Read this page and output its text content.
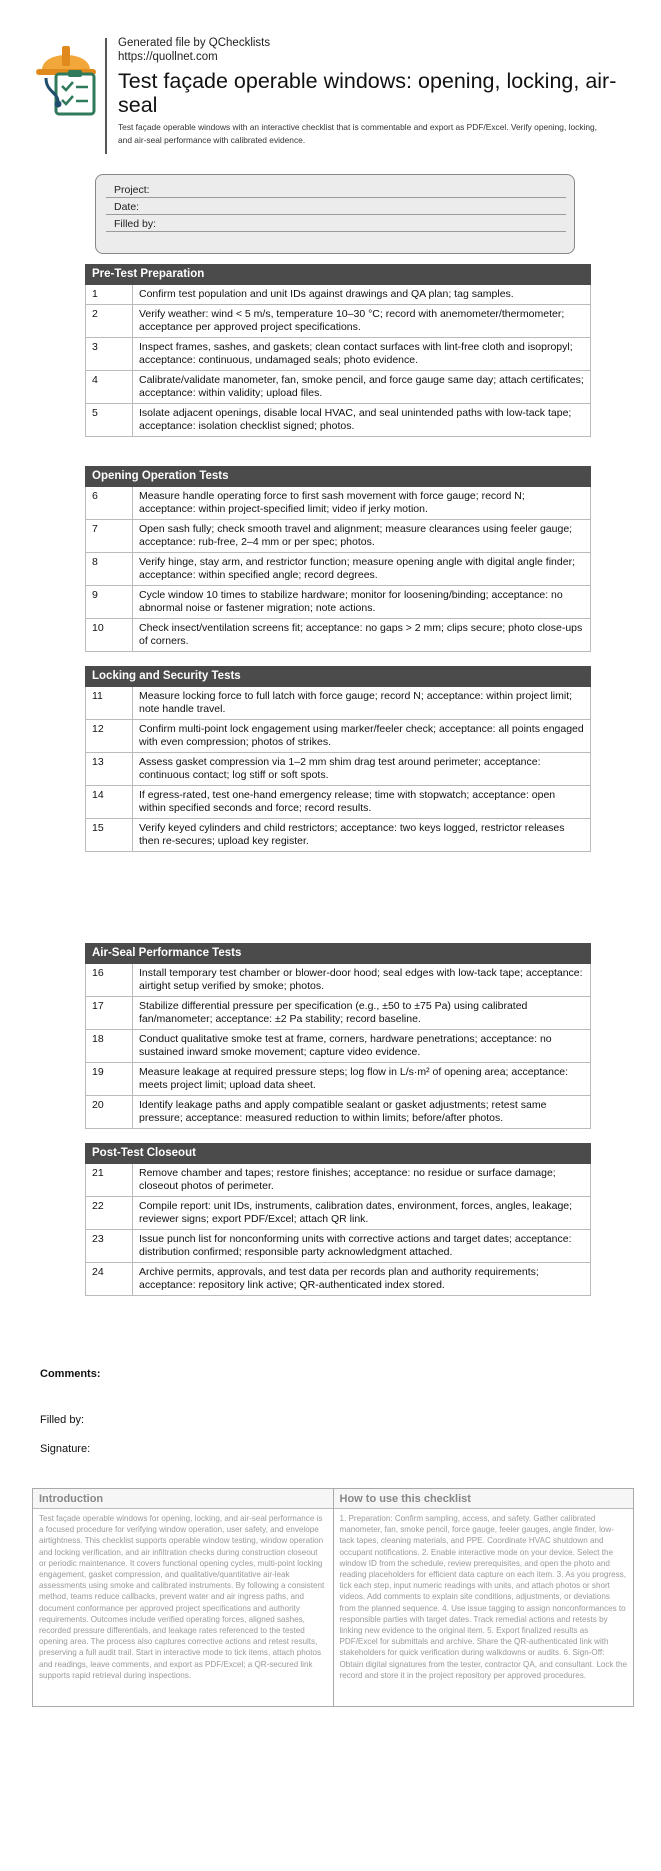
Generated file by QChecklists
https://quollnet.com
Test façade operable windows: opening, locking, air-seal
Test façade operable windows with an interactive checklist that is commentable and export as PDF/Excel. Verify opening, locking, and air-seal performance with calibrated evidence.
Project:
Date:
Filled by:
Pre-Test Preparation
1	Confirm test population and unit IDs against drawings and QA plan; tag samples.
2	Verify weather: wind < 5 m/s, temperature 10–30 °C; record with anemometer/thermometer; acceptance per approved project specifications.
3	Inspect frames, sashes, and gaskets; clean contact surfaces with lint-free cloth and isopropyl; acceptance: continuous, undamaged seals; photo evidence.
4	Calibrate/validate manometer, fan, smoke pencil, and force gauge same day; attach certificates; acceptance: within validity; upload files.
5	Isolate adjacent openings, disable local HVAC, and seal unintended paths with low-tack tape; acceptance: isolation checklist signed; photos.
Opening Operation Tests
6	Measure handle operating force to first sash movement with force gauge; record N; acceptance: within project-specified limit; video if jerky motion.
7	Open sash fully; check smooth travel and alignment; measure clearances using feeler gauge; acceptance: rub-free, 2–4 mm or per spec; photos.
8	Verify hinge, stay arm, and restrictor function; measure opening angle with digital angle finder; acceptance: within specified angle; record degrees.
9	Cycle window 10 times to stabilize hardware; monitor for loosening/binding; acceptance: no abnormal noise or fastener migration; note actions.
10	Check insect/ventilation screens fit; acceptance: no gaps > 2 mm; clips secure; photo close-ups of corners.
Locking and Security Tests
11	Measure locking force to full latch with force gauge; record N; acceptance: within project limit; note handle travel.
12	Confirm multi-point lock engagement using marker/feeler check; acceptance: all points engaged with even compression; photos of strikes.
13	Assess gasket compression via 1–2 mm shim drag test around perimeter; acceptance: continuous contact; log stiff or soft spots.
14	If egress-rated, test one-hand emergency release; time with stopwatch; acceptance: open within specified seconds and force; record results.
15	Verify keyed cylinders and child restrictors; acceptance: two keys logged, restrictor releases then re-secures; upload key register.
Air-Seal Performance Tests
16	Install temporary test chamber or blower-door hood; seal edges with low-tack tape; acceptance: airtight setup verified by smoke; photos.
17	Stabilize differential pressure per specification (e.g., ±50 to ±75 Pa) using calibrated fan/manometer; acceptance: ±2 Pa stability; record baseline.
18	Conduct qualitative smoke test at frame, corners, hardware penetrations; acceptance: no sustained inward smoke movement; capture video evidence.
19	Measure leakage at required pressure steps; log flow in L/s·m² of opening area; acceptance: meets project limit; upload data sheet.
20	Identify leakage paths and apply compatible sealant or gasket adjustments; retest same pressure; acceptance: measured reduction to within limits; before/after photos.
Post-Test Closeout
21	Remove chamber and tapes; restore finishes; acceptance: no residue or surface damage; closeout photos of perimeter.
22	Compile report: unit IDs, instruments, calibration dates, environment, forces, angles, leakage; reviewer signs; export PDF/Excel; attach QR link.
23	Issue punch list for nonconforming units with corrective actions and target dates; acceptance: distribution confirmed; responsible party acknowledgment attached.
24	Archive permits, approvals, and test data per records plan and authority requirements; acceptance: repository link active; QR-authenticated index stored.
Comments:
Filled by:
Signature:
Introduction
Test façade operable windows for opening, locking, and air-seal performance is a focused procedure for verifying window operation, user safety, and envelope airtightness. This checklist supports operable window testing, window operation and locking verification, and air infiltration checks during construction closeout or periodic maintenance. It covers functional opening cycles, multi-point locking engagement, gasket compression, and qualitative/quantitative air-leak assessments using smoke and calibrated instruments. By following a consistent method, teams reduce callbacks, prevent water and air ingress paths, and document conformance per approved project specifications and authority requirements. Outcomes include verified operating forces, aligned sashes, recorded pressure differentials, and leakage rates referenced to the tested opening area. The process also captures corrective actions and retest results, preserving a full audit trail. Start in interactive mode to tick items, attach photos and readings, leave comments, and export as PDF/Excel; a QR-secured link supports rapid retrieval during inspections.
How to use this checklist
1. Preparation: Confirm sampling, access, and safety. Gather calibrated manometer, fan, smoke pencil, force gauge, feeler gauges, angle finder, low-tack tapes, cleaning materials, and PPE. Coordinate HVAC shutdown and occupant notifications. 2. Enable interactive mode on your device. Select the window ID from the schedule, review prerequisites, and open the photo and reading placeholders for efficient data capture on each item. 3. As you progress, tick each step, input numeric readings with units, and attach photos or short videos. Add comments to explain site conditions, adjustments, or deviations from the planned sequence. 4. Use issue tagging to assign nonconformances to responsible parties with target dates. Track remedial actions and retests by linking new evidence to the original item. 5. Export finalized results as PDF/Excel for submittals and archive. Share the QR-authenticated link with stakeholders for quick verification during walkdowns or audits. 6. Sign-Off: Obtain digital signatures from the tester, contractor QA, and consultant. Lock the record and store it in the project repository per approved procedures.
